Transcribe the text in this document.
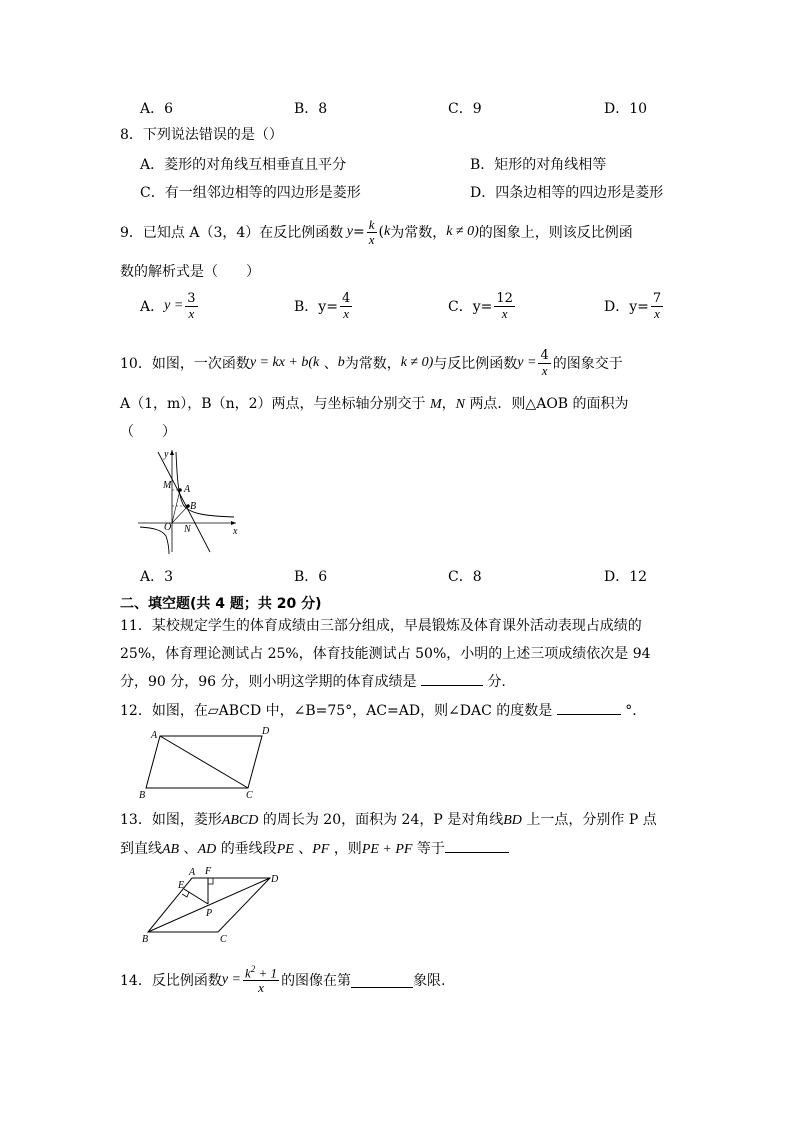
A．6	B．8	C．9	D．10
8．下列说法错误的是（）
A．菱形的对角线互相垂直且平分	B．矩形的对角线相等
C．有一组邻边相等的四边形是菱形	D．四条边相等的四边形是菱形
9．已知点 A（3，4）在反比例函数 $y = \frac{k}{x}$ ( k 为常数， k ≠ 0) 的图象上，则该反比例函
数的解析式是（　　）
A． $y = \frac{3}{x}$	B．$y= \frac{4}{x}$	C．$y= \frac{12}{x}$	D．$y= \frac{7}{x}$
10．如图，一次函数 y = kx + b(k 、 b 为常数， k ≠ 0) 与反比例函数 $y = \frac{4}{x}$ 的图象交于
A（1，m），B（n，2）两点，与坐标轴分别交于 M，N 两点．则△AOB 的面积为
（　　）
y
x
M A
B
O N
A．3	B．6	C．8	D．12
二、填空题(共 4 题；共 20 分)
11．某校规定学生的体育成绩由三部分组成，早晨锻炼及体育课外活动表现占成绩的
25%，体育理论测试占 25%，体育技能测试占 50%，小明的上述三项成绩依次是 94
分，90 分，96 分，则小明这学期的体育成绩是	分.
12．如图，在▱ABCD 中，∠B=75°，AC=AD，则∠DAC 的度数是	°.
A	D
B	C
13．如图，菱形ABCD 的周长为 20，面积为 24，P 是对角线BD 上一点，分别作 P 点
到直线AB 、AD 的垂线段PE 、PF ，则PE + PF 等于
A F
D
E
P
B	C
14．反比例函数 $y = \frac{k^2 + 1}{x}$ 的图像在第	象限.
